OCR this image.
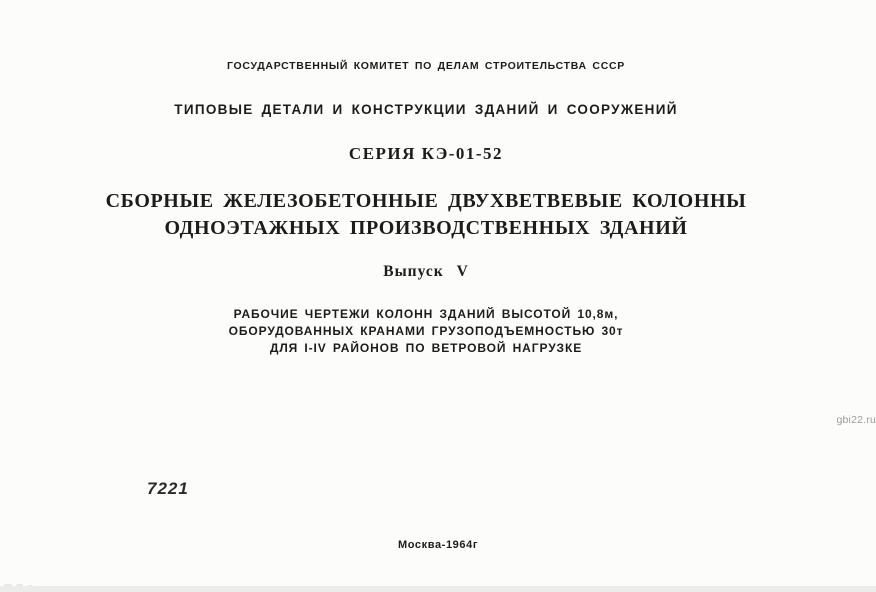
ГОСУДАРСТВЕННЫЙ КОМИТЕТ ПО ДЕЛАМ СТРОИТЕЛЬСТВА СССР
ТИПОВЫЕ ДЕТАЛИ И КОНСТРУКЦИИ ЗДАНИЙ И СООРУЖЕНИЙ
СЕРИЯ КЭ-01-52
СБОРНЫЕ ЖЕЛЕЗОБЕТОННЫЕ ДВУХВЕТВЕВЫЕ КОЛОННЫ
ОДНОЭТАЖНЫХ ПРОИЗВОДСТВЕННЫХ ЗДАНИЙ
Выпуск V
РАБОЧИЕ ЧЕРТЕЖИ КОЛОНН ЗДАНИЙ ВЫСОТОЙ 10,8м,
ОБОРУДОВАННЫХ КРАНАМИ ГРУЗОПОДЪЕМНОСТЬЮ 30т
ДЛЯ I-IV РАЙОНОВ ПО ВЕТРОВОЙ НАГРУЗКЕ
gbi22.ru
7221
Москва-1964г
